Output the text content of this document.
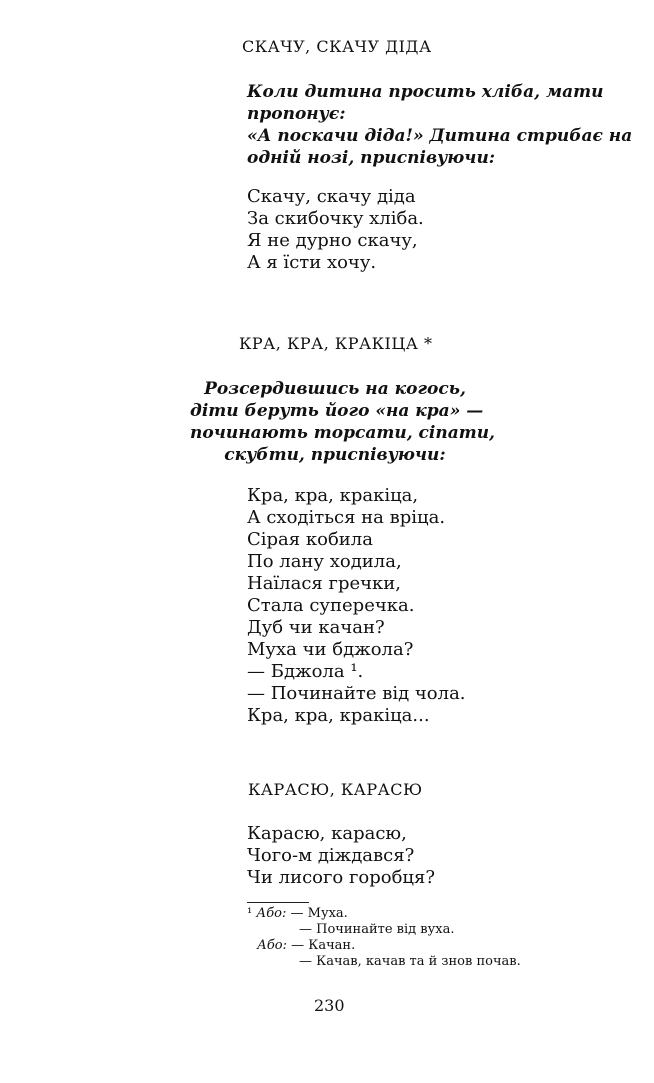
СКАЧУ, СКАЧУ ДІДА
Коли дитина просить хліба, мати
пропонує:
«А поскачи діда!» Дитина стрибає на
одній нозі, приспівуючи:
Скачу, скачу діда
За скибочку хліба.
Я не дурно скачу,
А я їсти хочу.
КРА, КРА, КРАКІЦА *
Розсердившись на когось,
діти беруть його «на кра» —
починають торсати, сіпати,
скубти, приспівуючи:
Кра, кра, кракіца,
А сходіться на вріца.
Сірая кобила
По лану ходила,
Наїлася гречки,
Стала суперечка.
Дуб чи качан?
Муха чи бджола?
— Бджола ¹.
— Починайте від чола.
Кра, кра, кракіца...
КАРАСЮ, КАРАСЮ
Карасю, карасю,
Чого-м діждався?
Чи лисого горобця?
¹ Або: — Муха.
— Починайте від вуха.
Або: — Качан.
— Качав, качав та й знов почав.
230
